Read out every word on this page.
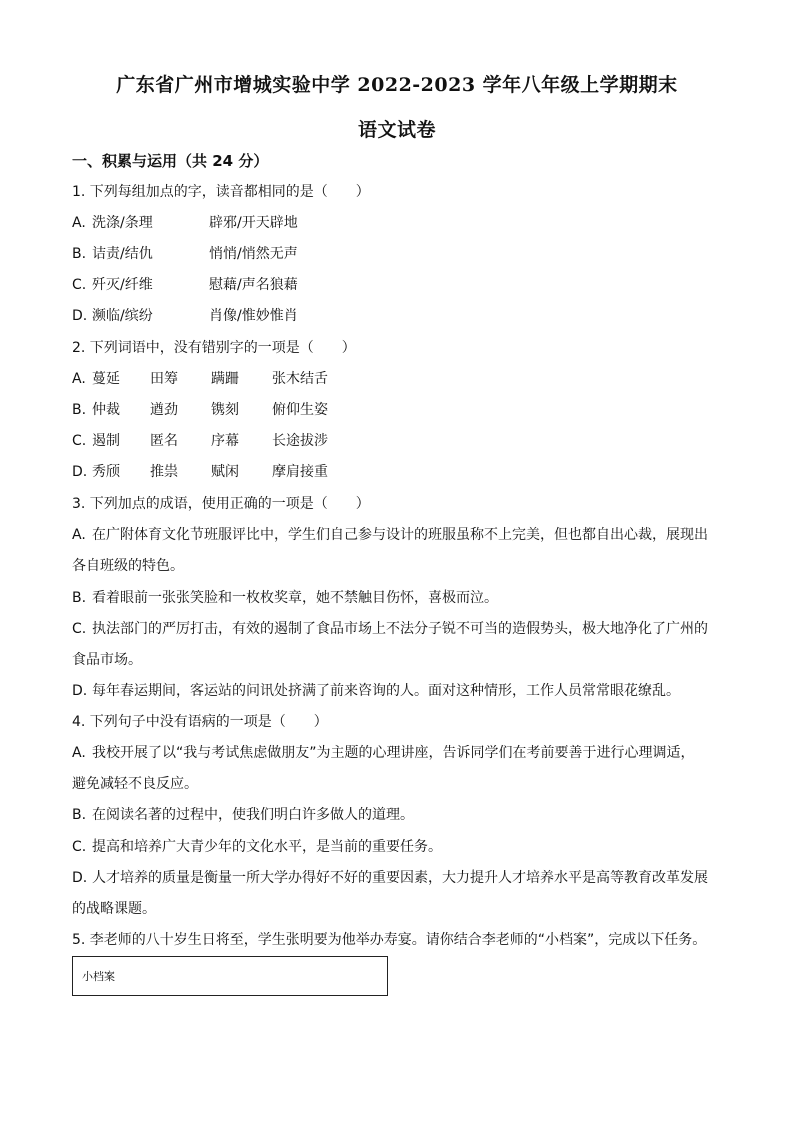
广东省广州市增城实验中学 2022-2023 学年八年级上学期期末
语文试卷
一、积累与运用（共 24 分）
1. 下列每组加点的字，读音都相同的是（　　）
A. 洗涤/条理	辟邪/开天辟地
B. 诘责/结仇	悄悄/悄然无声
C. 歼灭/纤维	慰藉/声名狼藉
D. 濒临/缤纷	肖像/惟妙惟肖
2. 下列词语中，没有错别字的一项是（　　）
A. 蔓延	田筹	蹒跚	张木结舌
B. 仲裁	遒劲	镌刻	俯仰生姿
C. 遏制	匿名	序幕	长途拔涉
D. 秀颀	推祟	赋闲	摩肩接重
3. 下列加点的成语，使用正确的一项是（　　）
A. 在广附体育文化节班服评比中，学生们自己参与设计的班服虽称不上完美，但也都自出心裁，展现出
各自班级的特色。
B. 看着眼前一张张笑脸和一枚枚奖章，她不禁触目伤怀，喜极而泣。
C. 执法部门的严厉打击，有效的遏制了食品市场上不法分子锐不可当的造假势头，极大地净化了广州的
食品市场。
D. 每年春运期间，客运站的问讯处挤满了前来咨询的人。面对这种情形，工作人员常常眼花缭乱。
4. 下列句子中没有语病的一项是（　　）
A. 我校开展了以“我与考试焦虑做朋友”为主题的心理讲座，告诉同学们在考前要善于进行心理调适，
避免减轻不良反应。
B. 在阅读名著的过程中，使我们明白许多做人的道理。
C. 提高和培养广大青少年的文化水平，是当前的重要任务。
D. 人才培养的质量是衡量一所大学办得好不好的重要因素，大力提升人才培养水平是高等教育改革发展
的战略课题。
5. 李老师的八十岁生日将至，学生张明要为他举办寿宴。请你结合李老师的“小档案”，完成以下任务。
小档案
